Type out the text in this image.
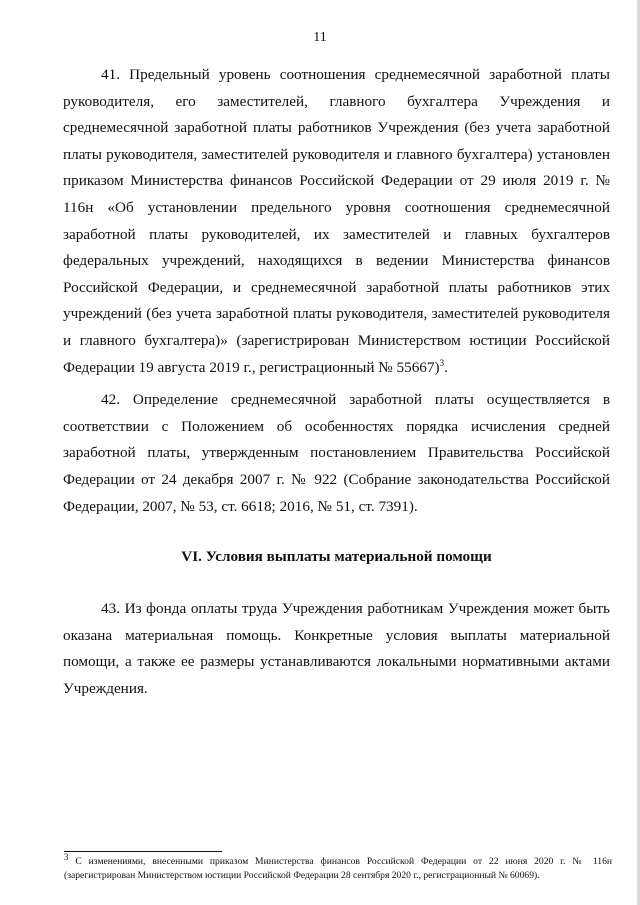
11

41. Предельный уровень соотношения среднемесячной заработной платы руководителя, его заместителей, главного бухгалтера Учреждения и среднемесячной заработной платы работников Учреждения (без учета заработной платы руководителя, заместителей руководителя и главного бухгалтера) установлен приказом Министерства финансов Российской Федерации от 29 июля 2019 г. № 116н «Об установлении предельного уровня соотношения среднемесячной заработной платы руководителей, их заместителей и главных бухгалтеров федеральных учреждений, находящихся в ведении Министерства финансов Российской Федерации, и среднемесячной заработной платы работников этих учреждений (без учета заработной платы руководителя, заместителей руководителя и главного бухгалтера)» (зарегистрирован Министерством юстиции Российской Федерации 19 августа 2019 г., регистрационный № 55667)$^3$.

42. Определение среднемесячной заработной платы осуществляется в соответствии с Положением об особенностях порядка исчисления средней заработной платы, утвержденным постановлением Правительства Российской Федерации от 24 декабря 2007 г. № 922 (Собрание законодательства Российской Федерации, 2007, № 53, ст. 6618; 2016, № 51, ст. 7391).

VI. Условия выплаты материальной помощи

43. Из фонда оплаты труда Учреждения работникам Учреждения может быть оказана материальная помощь. Конкретные условия выплаты материальной помощи, а также ее размеры устанавливаются локальными нормативными актами Учреждения.

$^3$ С изменениями, внесенными приказом Министерства финансов Российской Федерации от 22 июня 2020 г. № 116н (зарегистрирован Министерством юстиции Российской Федерации 28 сентября 2020 г., регистрационный № 60069).
